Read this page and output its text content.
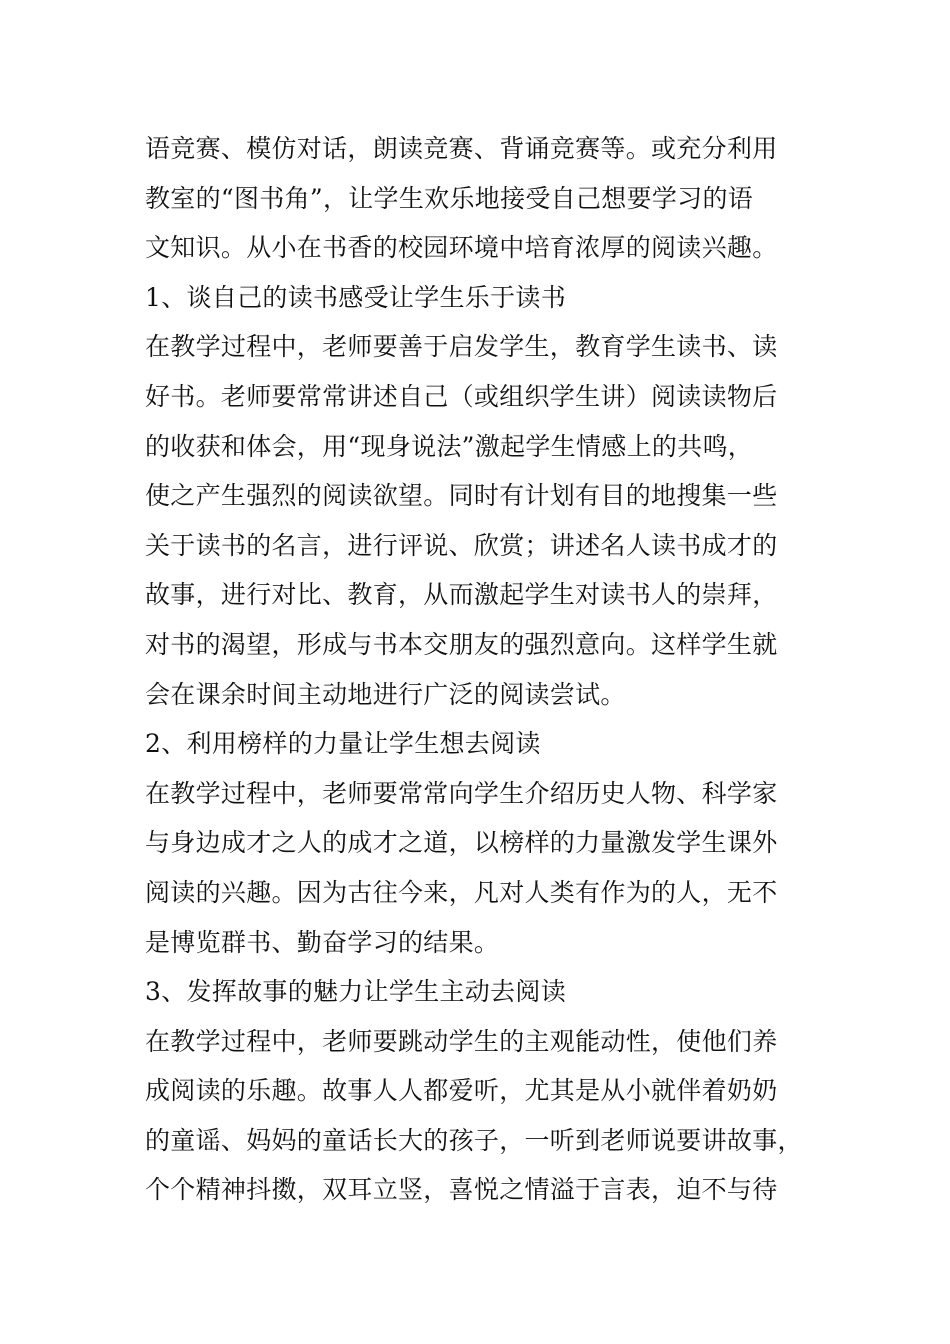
语竞赛、模仿对话，朗读竞赛、背诵竞赛等。或充分利用
教室的“图书角”，让学生欢乐地接受自己想要学习的语
文知识。从小在书香的校园环境中培育浓厚的阅读兴趣。
1、谈自己的读书感受让学生乐于读书
在教学过程中，老师要善于启发学生，教育学生读书、读
好书。老师要常常讲述自己（或组织学生讲）阅读读物后
的收获和体会，用“现身说法”激起学生情感上的共鸣，
使之产生强烈的阅读欲望。同时有计划有目的地搜集一些
关于读书的名言，进行评说、欣赏；讲述名人读书成才的
故事，进行对比、教育，从而激起学生对读书人的崇拜，
对书的渴望，形成与书本交朋友的强烈意向。这样学生就
会在课余时间主动地进行广泛的阅读尝试。
2、利用榜样的力量让学生想去阅读
在教学过程中，老师要常常向学生介绍历史人物、科学家
与身边成才之人的成才之道，以榜样的力量激发学生课外
阅读的兴趣。因为古往今来，凡对人类有作为的人，无不
是博览群书、勤奋学习的结果。
3、发挥故事的魅力让学生主动去阅读
在教学过程中，老师要跳动学生的主观能动性，使他们养
成阅读的乐趣。故事人人都爱听，尤其是从小就伴着奶奶
的童谣、妈妈的童话长大的孩子，一听到老师说要讲故事，
个个精神抖擞，双耳立竖，喜悦之情溢于言表，迫不与待
